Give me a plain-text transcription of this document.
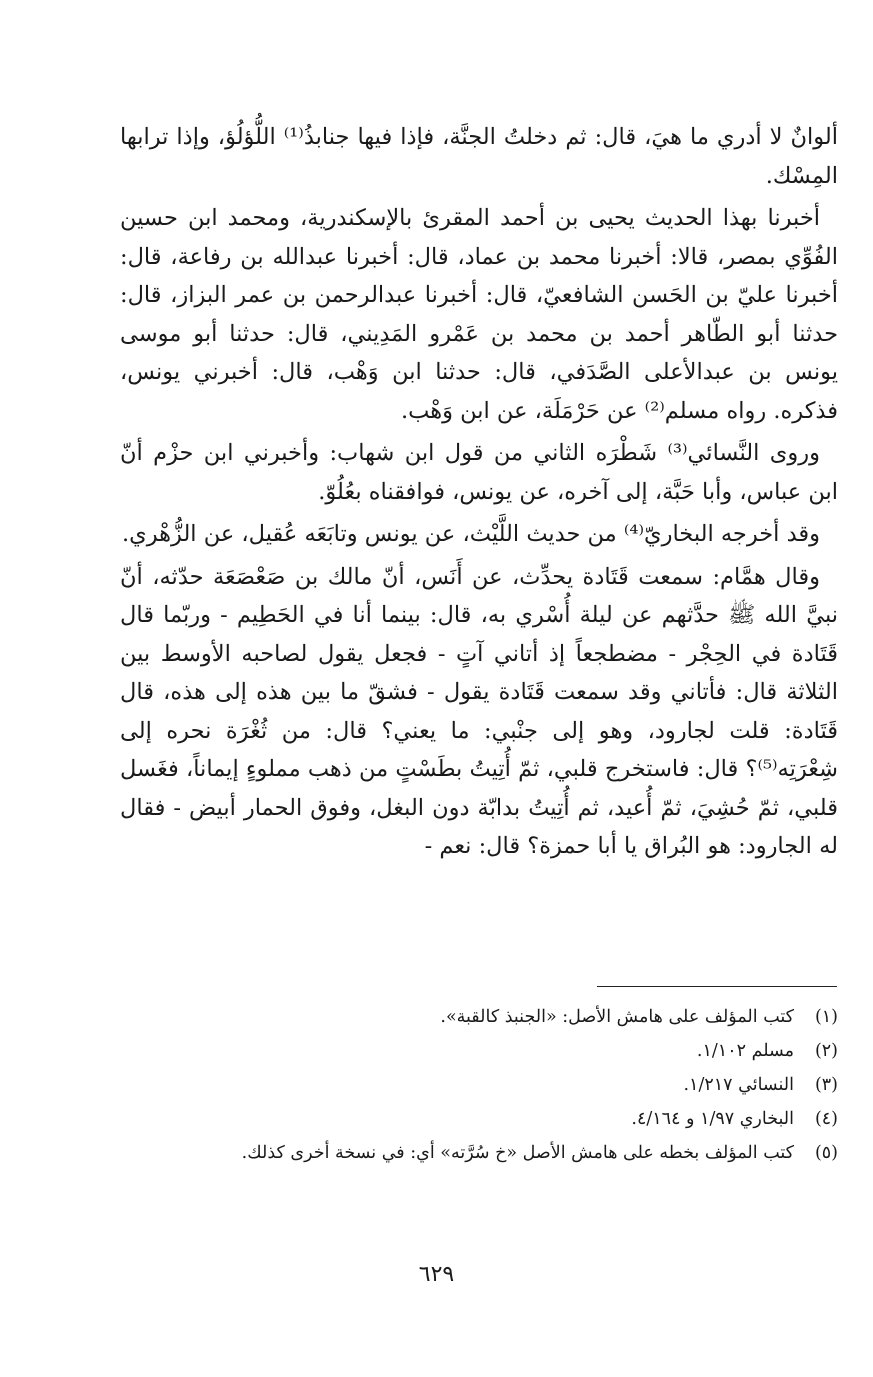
ألوانٌ لا أدري ما هيَ، قال: ثم دخلتُ الجنَّة، فإذا فيها جنابذُ⁽¹⁾ اللُّؤلُؤ، وإذا ترابها المِسْك.

أخبرنا بهذا الحديث يحيى بن أحمد المقرئ بالإسكندرية، ومحمد ابن حسين الفُوِّي بمصر، قالا: أخبرنا محمد بن عماد، قال: أخبرنا عبدالله بن رفاعة، قال: أخبرنا عليّ بن الحَسن الشافعيّ، قال: أخبرنا عبدالرحمن بن عمر البزاز، قال: حدثنا أبو الطّاهر أحمد بن محمد بن عَمْرو المَدِيني، قال: حدثنا أبو موسى يونس بن عبدالأعلى الصَّدَفي، قال: حدثنا ابن وَهْب، قال: أخبرني يونس، فذكره. رواه مسلم⁽²⁾ عن حَرْمَلَة، عن ابن وَهْب.

وروى النَّسائي⁽³⁾ شَطْرَه الثاني من قول ابن شهاب: وأخبرني ابن حزْم أنّ ابن عباس، وأبا حَبَّة، إلى آخره، عن يونس، فوافقناه بعُلُوّ.

وقد أخرجه البخاريّ⁽⁴⁾ من حديث اللَّيْث، عن يونس وتابَعَه عُقيل، عن الزُّهْري.

وقال همَّام: سمعت قَتَادة يحدِّث، عن أَنَس، أنّ مالك بن صَعْصَعَة حدّثه، أنّ نبيَّ الله ﷺ حدَّثهم عن ليلة أُسْري به، قال: بينما أنا في الحَطِيم - وربّما قال قَتَادة في الحِجْر - مضطجعاً إذ أتاني آتٍ - فجعل يقول لصاحبه الأوسط بين الثلاثة قال: فأتاني وقد سمعت قَتَادة يقول - فشقّ ما بين هذه إلى هذه، قال قَتَادة: قلت لجارود، وهو إلى جنْبي: ما يعني؟ قال: من ثُغْرَة نحره إلى شِعْرَتِه⁽⁵⁾؟ قال: فاستخرج قلبي، ثمّ أُتِيتُ بطَسْتٍ من ذهب مملوءٍ إيماناً، فغَسل قلبي، ثمّ حُشِيَ، ثمّ أُعيد، ثم أُتِيتُ بدابّة دون البغل، وفوق الحمار أبيض - فقال له الجارود: هو البُراق يا أبا حمزة؟ قال: نعم -

(١)كتب المؤلف على هامش الأصل: «الجنبذ كالقبة».
(٢)مسلم ١/١٠٢.
(٣)النسائي ١/٢١٧.
(٤)البخاري ١/٩٧ و ٤/١٦٤.
(٥)كتب المؤلف بخطه على هامش الأصل «خ سُرَّته» أي: في نسخة أخرى كذلك.
٦٢٩
